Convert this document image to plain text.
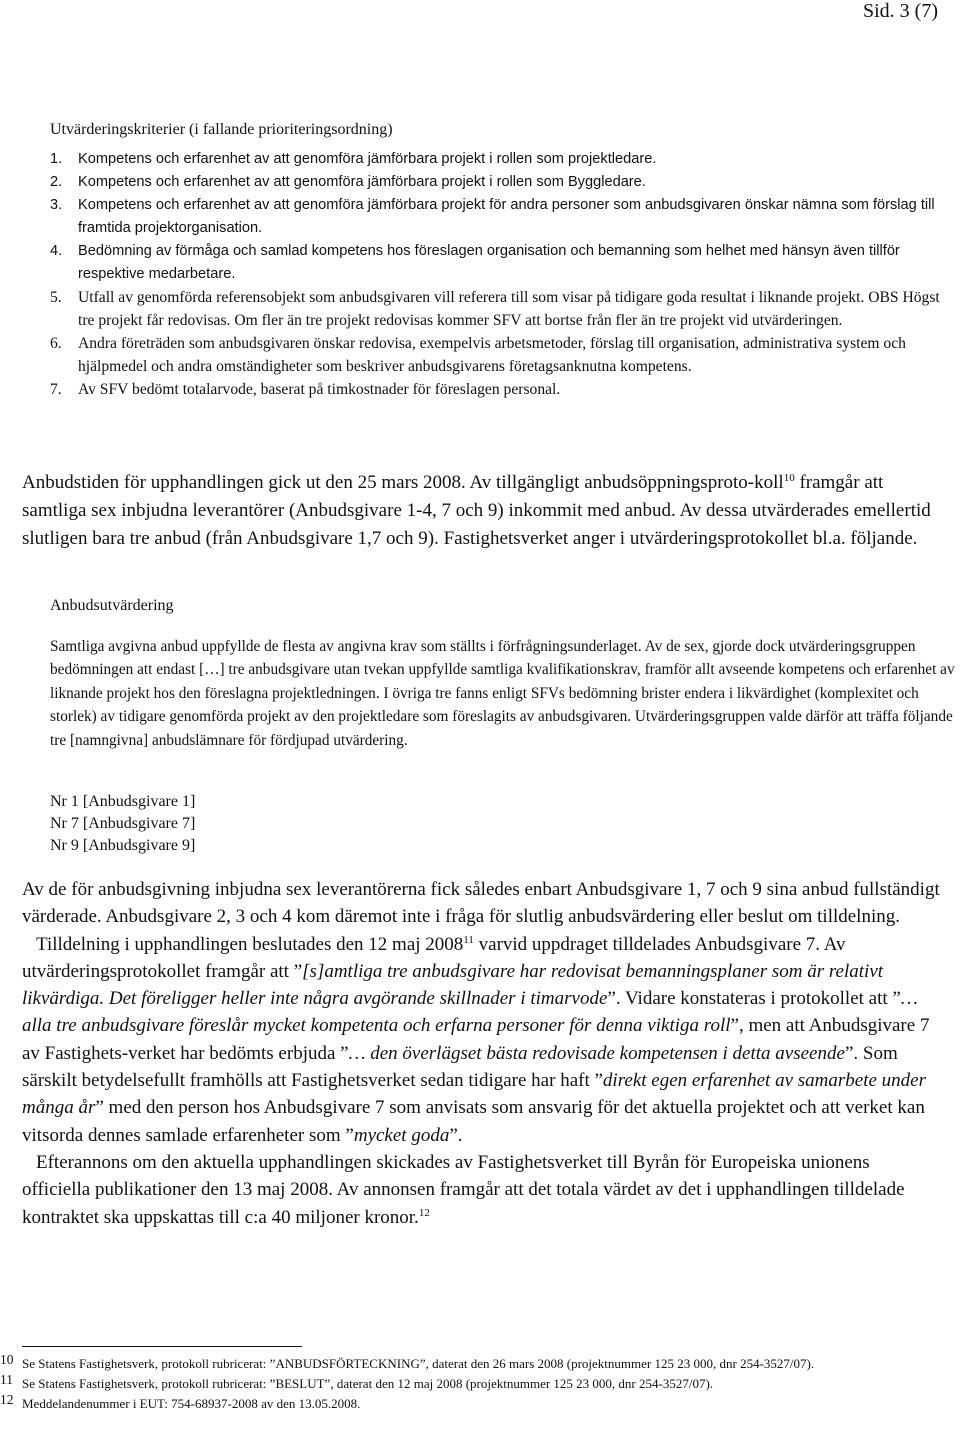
Sid. 3 (7)
Utvärderingskriterier (i fallande prioriteringsordning)
1. Kompetens och erfarenhet av att genomföra jämförbara projekt i rollen som projektledare.
2. Kompetens och erfarenhet av att genomföra jämförbara projekt i rollen som Byggledare.
3. Kompetens och erfarenhet av att genomföra jämförbara projekt för andra personer som anbudsgivaren önskar nämna som förslag till framtida projektorganisation.
4. Bedömning av förmåga och samlad kompetens hos föreslagen organisation och bemanning som helhet med hänsyn även tillför respektive medarbetare.
5. Utfall av genomförda referensobjekt som anbudsgivaren vill referera till som visar på tidigare goda resultat i liknande projekt. OBS Högst tre projekt får redovisas. Om fler än tre projekt redovisas kommer SFV att bortse från fler än tre projekt vid utvärderingen.
6. Andra företräden som anbudsgivaren önskar redovisa, exempelvis arbetsmetoder, förslag till organisation, administrativa system och hjälpmedel och andra omständigheter som beskriver anbudsgivarens företagsanknutna kompetens.
7. Av SFV bedömt totalarvode, baserat på timkostnader för föreslagen personal.
Anbudstiden för upphandlingen gick ut den 25 mars 2008. Av tillgängligt anbudsöppningsproto-koll$^{10}$ framgår att samtliga sex inbjudna leverantörer (Anbudsgivare 1-4, 7 och 9) inkommit med anbud. Av dessa utvärderades emellertid slutligen bara tre anbud (från Anbudsgivare 1,7 och 9). Fastighetsverket anger i utvärderingsprotokollet bl.a. följande.
Anbudsutvärdering
Samtliga avgivna anbud uppfyllde de flesta av angivna krav som ställts i förfrågningsunderlaget. Av de sex, gjorde dock utvärderingsgruppen bedömningen att endast […] tre anbudsgivare utan tvekan uppfyllde samtliga kvalifikationskrav, framför allt avseende kompetens och erfarenhet av liknande projekt hos den föreslagna projektledningen. I övriga tre fanns enligt SFVs bedömning brister endera i likvärdighet (komplexitet och storlek) av tidigare genomförda projekt av den projektledare som föreslagits av anbudsgivaren. Utvärderingsgruppen valde därför att träffa följande tre [namngivna] anbudslämnare för fördjupad utvärdering.
Nr 1 [Anbudsgivare 1]
Nr 7 [Anbudsgivare 7]
Nr 9 [Anbudsgivare 9]

Av de för anbudsgivning inbjudna sex leverantörerna fick således enbart Anbudsgivare 1, 7 och 9 sina anbud fullständigt värderade. Anbudsgivare 2, 3 och 4 kom däremot inte i fråga för slutlig anbudsvärdering eller beslut om tilldelning.

Tilldelning i upphandlingen beslutades den 12 maj 2008$^{11}$ varvid uppdraget tilldelades Anbudsgivare 7. Av utvärderingsprotokollet framgår att ”[s]amtliga tre anbudsgivare har redovisat bemanningsplaner som är relativt likvärdiga. Det föreligger heller inte några avgörande skillnader i timarvode”. Vidare konstateras i protokollet att ”… alla tre anbudsgivare föreslår mycket kompetenta och erfarna personer för denna viktiga roll”, men att Anbudsgivare 7 av Fastighets-verket har bedömts erbjuda ”… den överlägset bästa redovisade kompetensen i detta avseende”. Som särskilt betydelsefullt framhölls att Fastighetsverket sedan tidigare har haft ”direkt egen erfarenhet av samarbete under många år” med den person hos Anbudsgivare 7 som anvisats som ansvarig för det aktuella projektet och att verket kan vitsorda dennes samlade erfarenheter som ”mycket goda”.

Efterannons om den aktuella upphandlingen skickades av Fastighetsverket till Byrån för Europeiska unionens officiella publikationer den 13 maj 2008. Av annonsen framgår att det totala värdet av det i upphandlingen tilldelade kontraktet ska uppskattas till c:a 40 miljoner kronor.$^{12}$

10 Se Statens Fastighetsverk, protokoll rubricerat: ”ANBUDSFÖRTECKNING”, daterat den 26 mars 2008 (projektnummer 125 23 000, dnr 254-3527/07).
11 Se Statens Fastighetsverk, protokoll rubricerat: ”BESLUT”, daterat den 12 maj 2008 (projektnummer 125 23 000, dnr 254-3527/07).
12 Meddelandenummer i EUT: 754-68937-2008 av den 13.05.2008.
